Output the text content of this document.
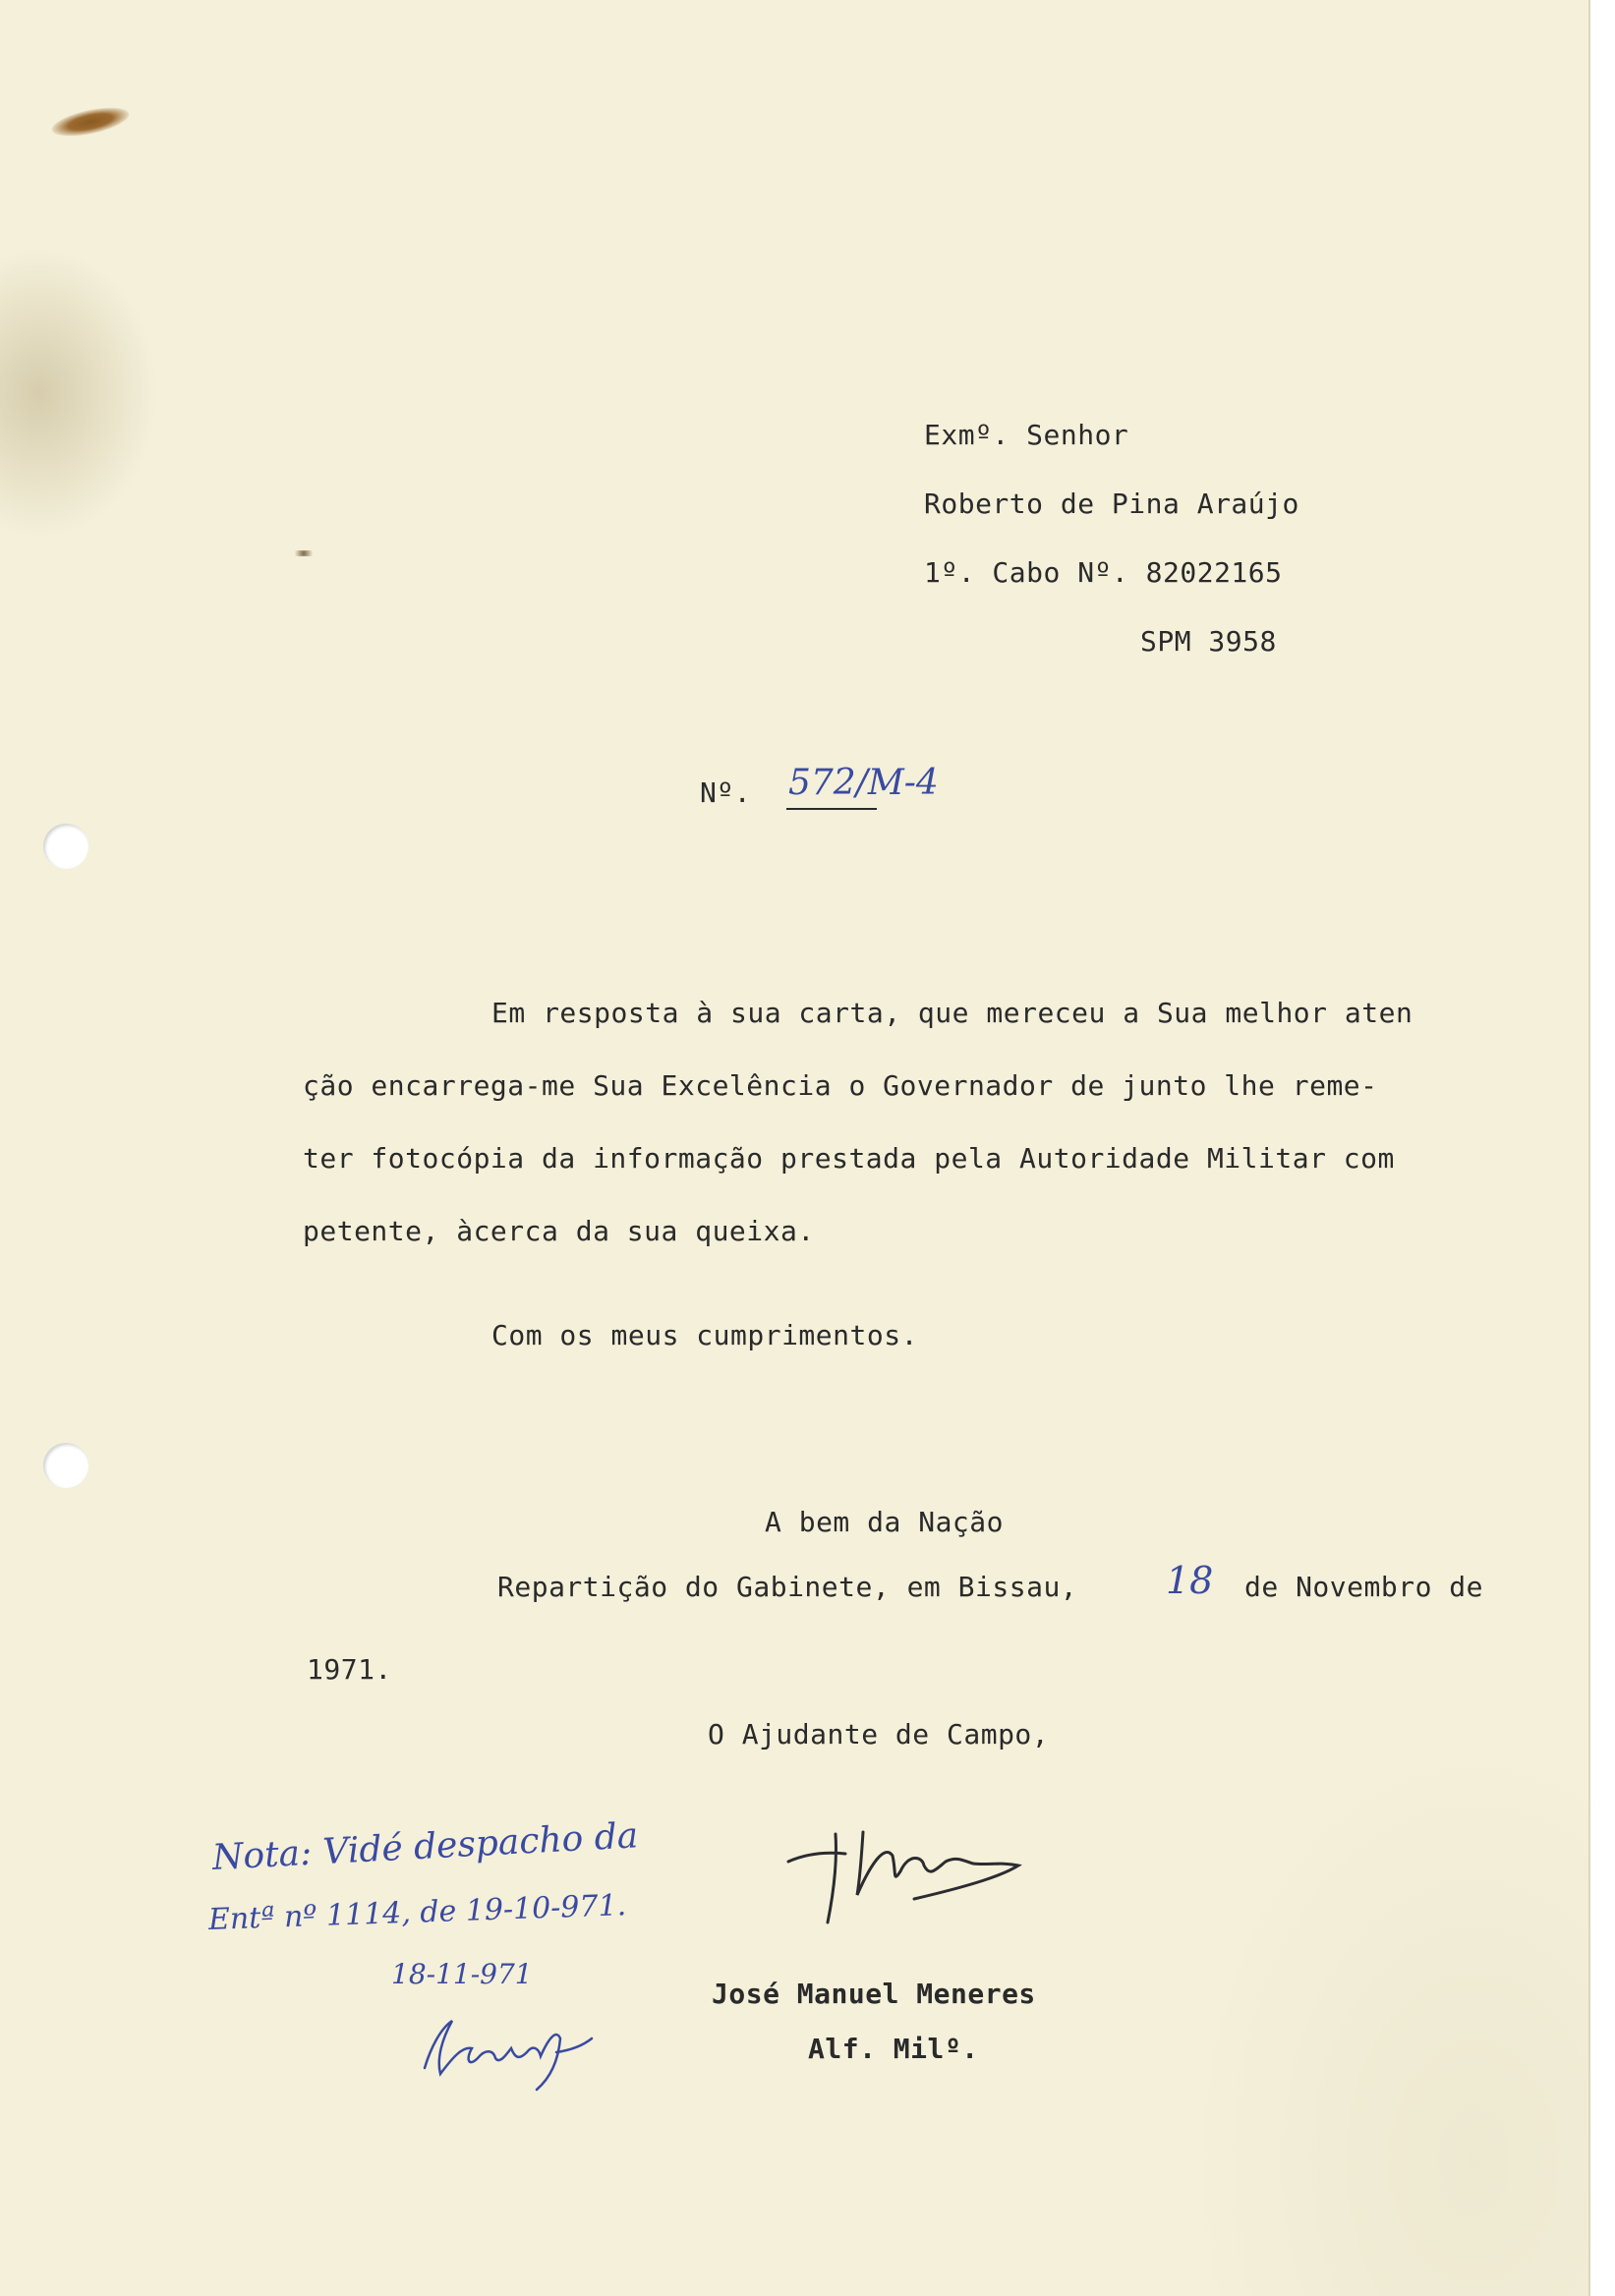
Exmº. Senhor
Roberto de Pina Araújo
1º. Cabo Nº. 82022165
SPM 3958
Nº. 572/M-4
Em resposta à sua carta, que mereceu a Sua melhor aten
ção encarrega-me Sua Excelência o Governador de junto lhe reme-
ter fotocópia da informação prestada pela Autoridade Militar com
petente, àcerca da sua queixa.
Com os meus cumprimentos.
A bem da Nação
Repartição do Gabinete, em Bissau, 18 de Novembro de
1971.
O Ajudante de Campo,
José Manuel Meneres
Alf. Milº.
Nota: Vidé despacho da
Entª nº 1114, de 19-10-971.
18-11-971
